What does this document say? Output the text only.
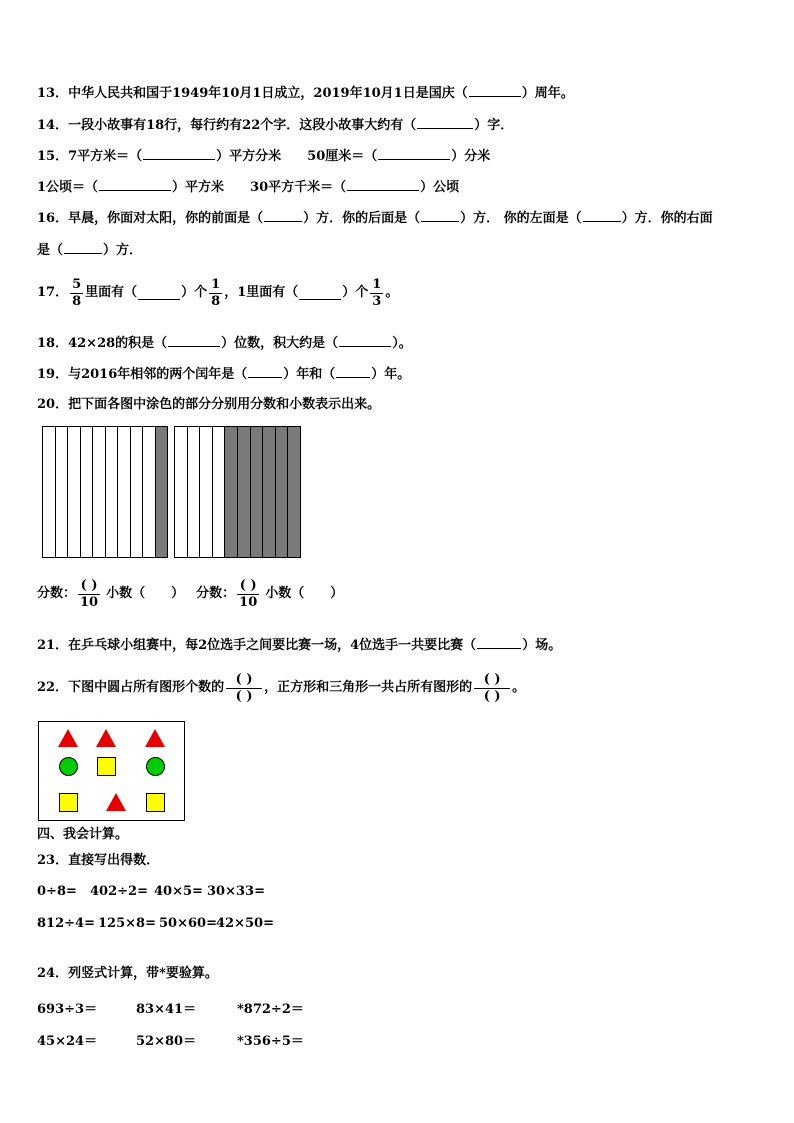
13．中华人民共和国于1949年10月1日成立，2019年10月1日是国庆（	）周年。
14．一段小故事有18行，每行约有22个字．这段小故事大约有（	）字．
15．7平方米＝（	）平方分米 50厘米＝（	）分米
1公顷＝（	）平方米 30平方千米＝（	）公顷
16．早晨，你面对太阳，你的前面是（	）方．你的后面是（	）方． 你的左面是（	）方．你的右面
是（	）方．
17． $\frac{5}{8}$ 里面有（	）个 $\frac{1}{8}$ ，1里面有（	）个 $\frac{1}{3}$ 。
18．42×28的积是（	）位数，积大约是（	）。
19．与2016年相邻的两个闰年是（	）年和（	）年。
20．把下面各图中涂色的部分分别用分数和小数表示出来。
分数： $\frac{( )}{10}$ 小数（ ） 分数： $\frac{( )}{10}$ 小数（ ）
21．在乒乓球小组赛中，每2位选手之间要比赛一场，4位选手一共要比赛（	）场。
22．下图中圆占所有图形个数的 $\frac{( )}{( )}$ ，正方形和三角形一共占所有图形的 $\frac{( )}{( )}$ 。
四、我会计算。
23．直接写出得数．
0÷8= 402÷2= 40×5= 30×33=
812÷4= 125×8= 50×60= 42×50=
24．列竖式计算，带*要验算。
693÷3＝	83×41＝	*872÷2＝
45×24＝	52×80＝	*356÷5＝
